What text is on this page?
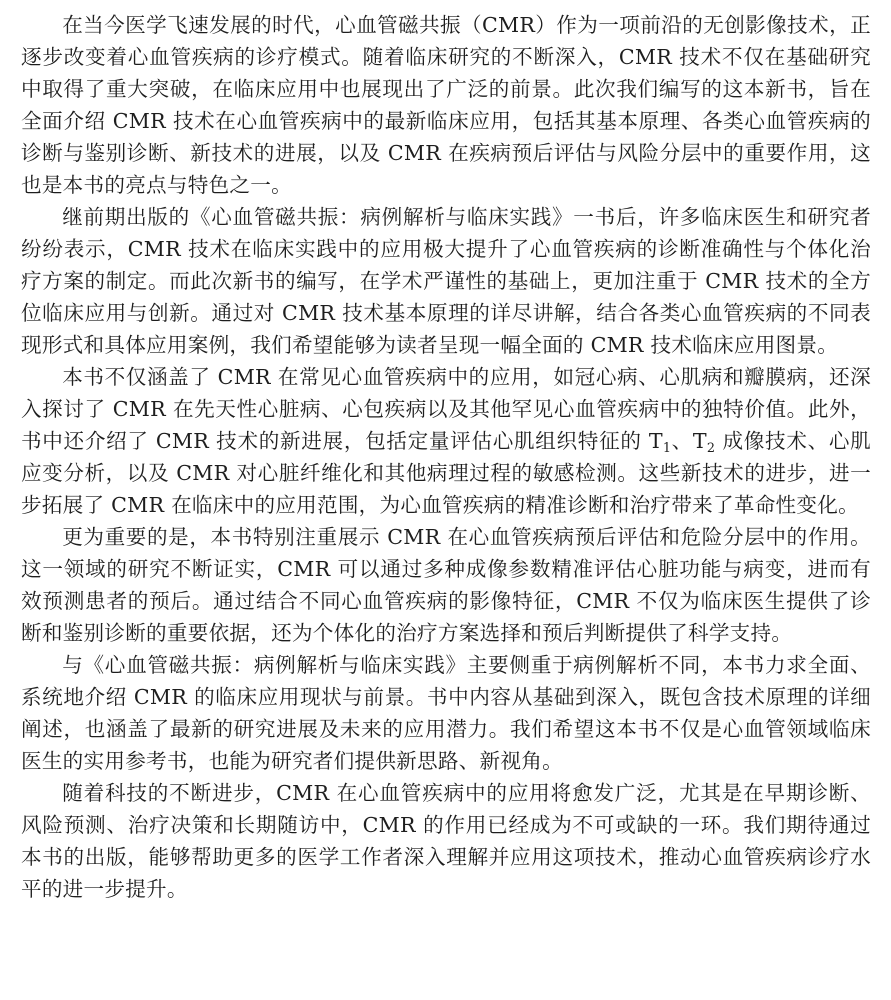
在当今医学飞速发展的时代，心血管磁共振（CMR）作为一项前沿的无创影像技术，正逐步改变着心血管疾病的诊疗模式。随着临床研究的不断深入，CMR 技术不仅在基础研究中取得了重大突破，在临床应用中也展现出了广泛的前景。此次我们编写的这本新书，旨在全面介绍 CMR 技术在心血管疾病中的最新临床应用，包括其基本原理、各类心血管疾病的诊断与鉴别诊断、新技术的进展，以及 CMR 在疾病预后评估与风险分层中的重要作用，这也是本书的亮点与特色之一。

继前期出版的《心血管磁共振：病例解析与临床实践》一书后，许多临床医生和研究者纷纷表示，CMR 技术在临床实践中的应用极大提升了心血管疾病的诊断准确性与个体化治疗方案的制定。而此次新书的编写，在学术严谨性的基础上，更加注重于 CMR 技术的全方位临床应用与创新。通过对 CMR 技术基本原理的详尽讲解，结合各类心血管疾病的不同表现形式和具体应用案例，我们希望能够为读者呈现一幅全面的 CMR 技术临床应用图景。

本书不仅涵盖了 CMR 在常见心血管疾病中的应用，如冠心病、心肌病和瓣膜病，还深入探讨了 CMR 在先天性心脏病、心包疾病以及其他罕见心血管疾病中的独特价值。此外，书中还介绍了 CMR 技术的新进展，包括定量评估心肌组织特征的 $T_1$、$T_2$ 成像技术、心肌应变分析，以及 CMR 对心脏纤维化和其他病理过程的敏感检测。这些新技术的进步，进一步拓展了 CMR 在临床中的应用范围，为心血管疾病的精准诊断和治疗带来了革命性变化。

更为重要的是，本书特别注重展示 CMR 在心血管疾病预后评估和危险分层中的作用。这一领域的研究不断证实，CMR 可以通过多种成像参数精准评估心脏功能与病变，进而有效预测患者的预后。通过结合不同心血管疾病的影像特征，CMR 不仅为临床医生提供了诊断和鉴别诊断的重要依据，还为个体化的治疗方案选择和预后判断提供了科学支持。

与《心血管磁共振：病例解析与临床实践》主要侧重于病例解析不同，本书力求全面、系统地介绍 CMR 的临床应用现状与前景。书中内容从基础到深入，既包含技术原理的详细阐述，也涵盖了最新的研究进展及未来的应用潜力。我们希望这本书不仅是心血管领域临床医生的实用参考书，也能为研究者们提供新思路、新视角。

随着科技的不断进步，CMR 在心血管疾病中的应用将愈发广泛，尤其是在早期诊断、风险预测、治疗决策和长期随访中，CMR 的作用已经成为不可或缺的一环。我们期待通过本书的出版，能够帮助更多的医学工作者深入理解并应用这项技术，推动心血管疾病诊疗水平的进一步提升。
